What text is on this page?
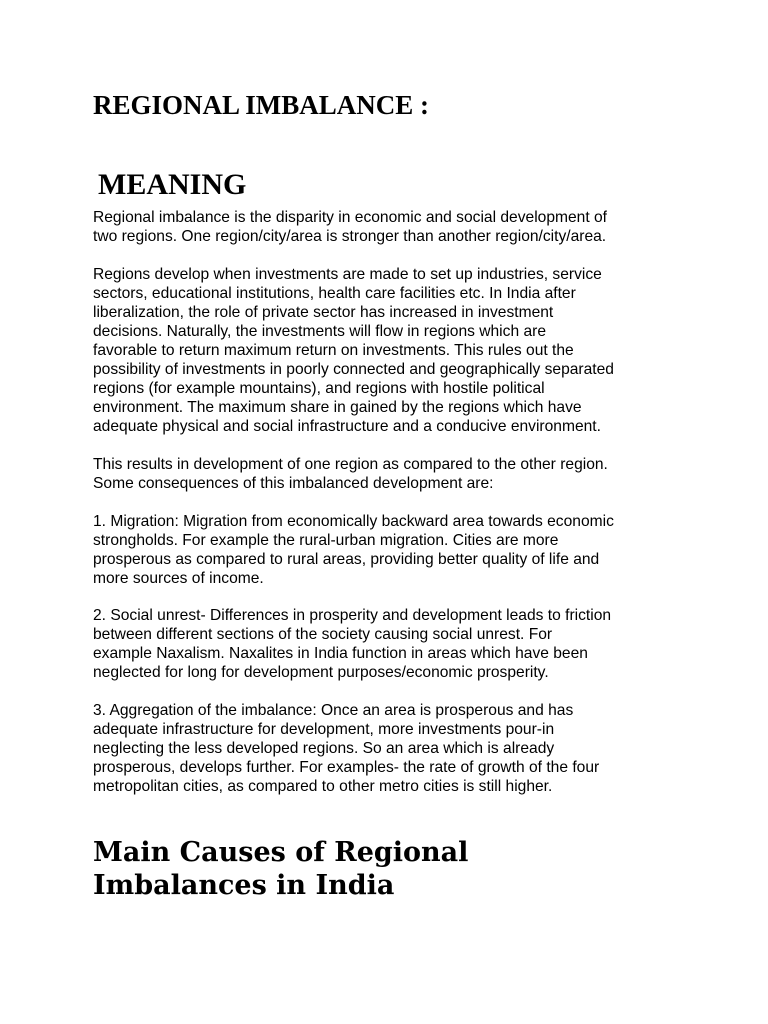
REGIONAL IMBALANCE :
MEANING

Regional imbalance is the disparity in economic and social development of
two regions. One region/city/area is stronger than another region/city/area.

Regions develop when investments are made to set up industries, service
sectors, educational institutions, health care facilities etc. In India after
liberalization, the role of private sector has increased in investment
decisions. Naturally, the investments will flow in regions which are
favorable to return maximum return on investments. This rules out the
possibility of investments in poorly connected and geographically separated
regions (for example mountains), and regions with hostile political
environment. The maximum share in gained by the regions which have
adequate physical and social infrastructure and a conducive environment.

This results in development of one region as compared to the other region.
Some consequences of this imbalanced development are:

1. Migration: Migration from economically backward area towards economic
strongholds. For example the rural-urban migration. Cities are more
prosperous as compared to rural areas, providing better quality of life and
more sources of income.

2. Social unrest- Differences in prosperity and development leads to friction
between different sections of the society causing social unrest. For
example Naxalism. Naxalites in India function in areas which have been
neglected for long for development purposes/economic prosperity.

3. Aggregation of the imbalance: Once an area is prosperous and has
adequate infrastructure for development, more investments pour-in
neglecting the less developed regions. So an area which is already
prosperous, develops further. For examples- the rate of growth of the four
metropolitan cities, as compared to other metro cities is still higher.

Main Causes of Regional
Imbalances in India
